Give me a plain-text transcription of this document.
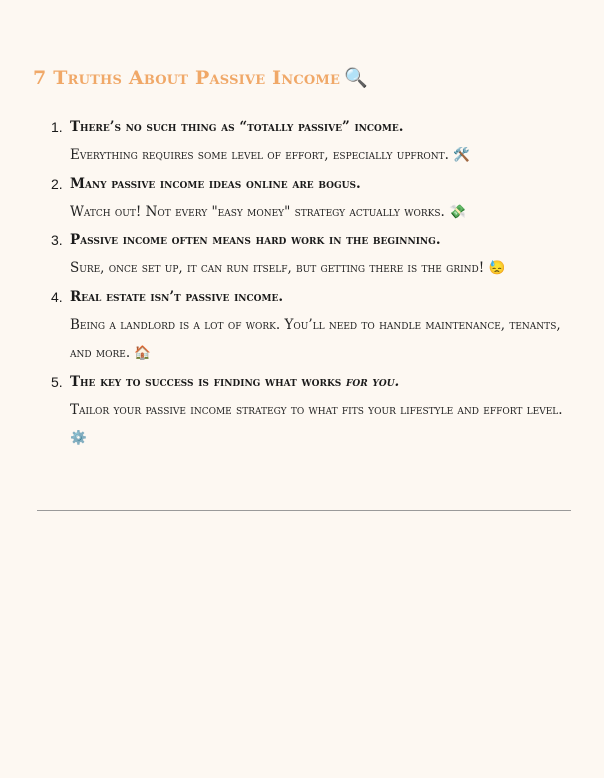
7 Truths About Passive Income 🔍
1. There’s no such thing as “totally passive” income.
Everything requires some level of effort, especially upfront. 🛠️
2. Many passive income ideas online are bogus.
Watch out! Not every "easy money" strategy actually works. 💸
3. Passive income often means hard work in the beginning.
Sure, once set up, it can run itself, but getting there is the grind! 😓
4. Real estate isn’t passive income.
Being a landlord is a lot of work. You’ll need to handle maintenance, tenants, and more. 🏠
5. The key to success is finding what works for you.
Tailor your passive income strategy to what fits your lifestyle and effort level. ⚙️
